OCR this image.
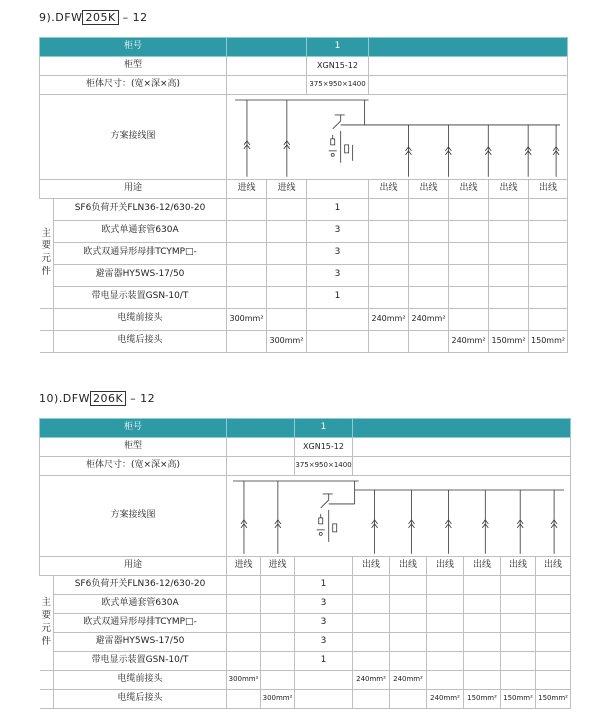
9).DFW 205K – 12
柜号				1					
柜型				XGN15-12					
柜体尺寸：(宽×深×高)				375×950×1400					
方案接线图	

用途		进线	进线		出线	出线	出线	出线	出线
主
要
元
件	SF6负荷开关FLN36-12/630-20			1					
	欧式单通套管630A			3					
	欧式双通异形母排TCYMP□-			3					
	避雷器HY5WS-17/50			3					
	带电显示装置GSN-10/T			1					
	电缆前接头	300mm²			240mm²	240mm²			
	电缆后接头		300mm²				240mm²	150mm²	150mm²
10).DFW 206K – 12
柜号				1						
柜型				XGN15-12						
柜体尺寸：(宽×深×高)				375×950×1400						
方案接线图	

用途		进线	进线		出线	出线	出线	出线	出线	出线
主
要
元
件	SF6负荷开关FLN36-12/630-20			1						
	欧式单通套管630A			3						
	欧式双通异形母排TCYMP□-			3						
	避雷器HY5WS-17/50			3						
	带电显示装置GSN-10/T			1						
	电缆前接头	300mm²			240mm²	240mm²				
	电缆后接头		300mm²				240mm²	150mm²	150mm²	150mm²
